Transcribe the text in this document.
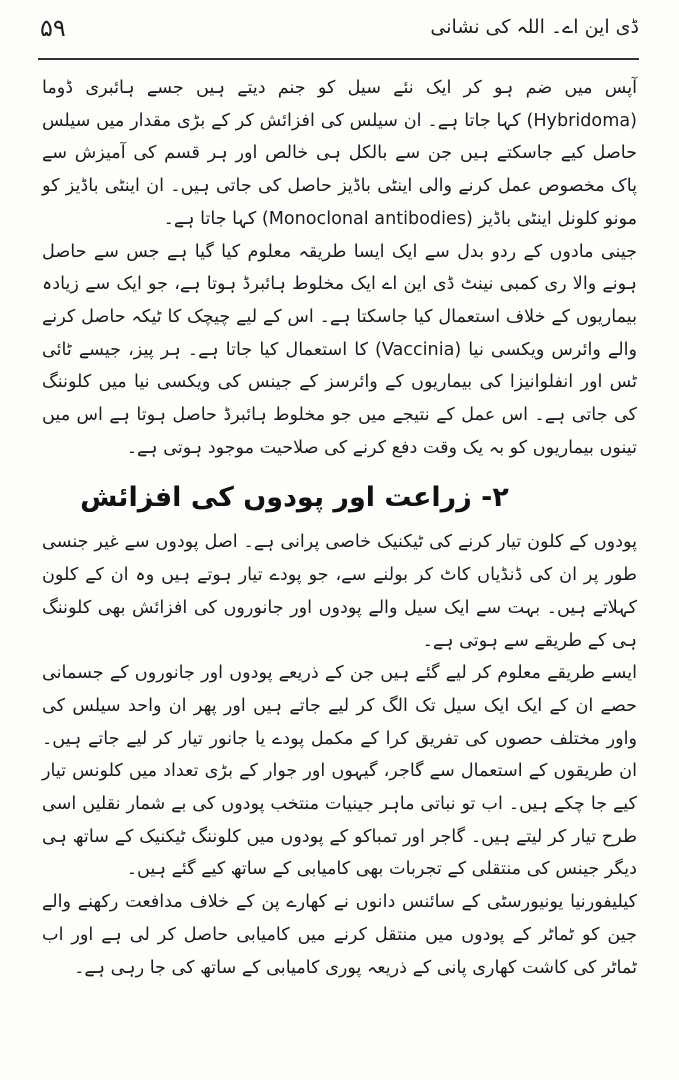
۵۹	ڈی این اے۔ اللہ کی نشانی

آپس میں ضم ہو کر ایک نئے سیل کو جنم دیتے ہیں جسے ہائبری ڈوما (Hybridoma) کہا جاتا ہے۔ ان سیلس کی افزائش کر کے بڑی مقدار میں سیلس حاصل کیے جاسکتے ہیں جن سے بالکل ہی خالص اور ہر قسم کی آمیزش سے پاک مخصوص عمل کرنے والی اینٹی باڈیز حاصل کی جاتی ہیں۔ ان اینٹی باڈیز کو مونو کلونل اینٹی باڈیز (Monoclonal antibodies) کہا جاتا ہے۔

جینی مادوں کے ردو بدل سے ایک ایسا طریقہ معلوم کیا گیا ہے جس سے حاصل ہونے والا ری کمبی نینٹ ڈی این اے ایک مخلوط ہائبرڈ ہوتا ہے، جو ایک سے زیادہ بیماریوں کے خلاف استعمال کیا جاسکتا ہے۔ اس کے لیے چیچک کا ٹیکہ حاصل کرنے والے وائرس ویکسی نیا (Vaccinia) کا استعمال کیا جاتا ہے۔ ہر پیز، جیسے ٹائی ٹس اور انفلوانیزا کی بیماریوں کے وائرسز کے جینس کی ویکسی نیا میں کلوننگ کی جاتی ہے۔ اس عمل کے نتیجے میں جو مخلوط ہائبرڈ حاصل ہوتا ہے اس میں تینوں بیماریوں کو بہ یک وقت دفع کرنے کی صلاحیت موجود ہوتی ہے۔

۲- زراعت اور پودوں کی افزائش

پودوں کے کلون تیار کرنے کی ٹیکنیک خاصی پرانی ہے۔ اصل پودوں سے غیر جنسی طور پر ان کی ڈنڈیاں کاٹ کر بولنے سے، جو پودے تیار ہوتے ہیں وہ ان کے کلون کہلاتے ہیں۔ بہت سے ایک سیل والے پودوں اور جانوروں کی افزائش بھی کلوننگ ہی کے طریقے سے ہوتی ہے۔

ایسے طریقے معلوم کر لیے گئے ہیں جن کے ذریعے پودوں اور جانوروں کے جسمانی حصے ان کے ایک ایک سیل تک الگ کر لیے جاتے ہیں اور پھر ان واحد سیلس کی واور مختلف حصوں کی تفریق کرا کے مکمل پودے یا جانور تیار کر لیے جاتے ہیں۔ ان طریقوں کے استعمال سے گاجر، گیہوں اور جوار کے بڑی تعداد میں کلونس تیار کیے جا چکے ہیں۔ اب تو نباتی ماہر جینیات منتخب پودوں کی بے شمار نقلیں اسی طرح تیار کر لیتے ہیں۔ گاجر اور تمباکو کے پودوں میں کلوننگ ٹیکنیک کے ساتھ ہی دیگر جینس کی منتقلی کے تجربات بھی کامیابی کے ساتھ کیے گئے ہیں۔

کیلیفورنیا یونیورسٹی کے سائنس دانوں نے کھارے پن کے خلاف مدافعت رکھنے والے جین کو ٹماٹر کے پودوں میں منتقل کرنے میں کامیابی حاصل کر لی ہے اور اب ٹماٹر کی کاشت کھاری پانی کے ذریعہ پوری کامیابی کے ساتھ کی جا رہی ہے۔
